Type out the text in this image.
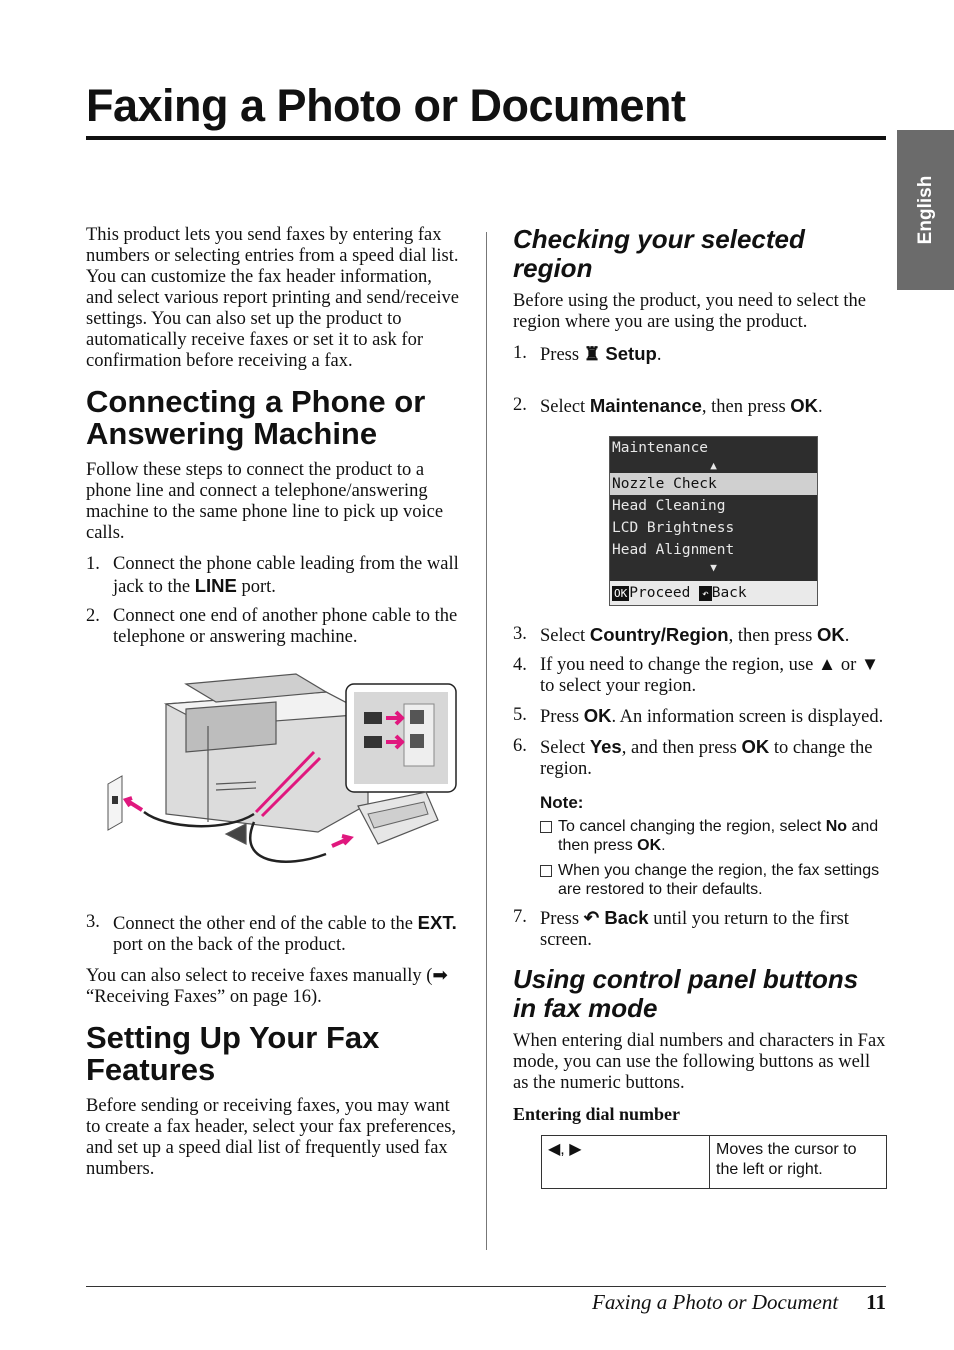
Faxing a Photo or Document
English

This product lets you send faxes by entering fax numbers or selecting entries from a speed dial list. You can customize the fax header information, and select various report printing and send/receive settings. You can also set up the product to automatically receive faxes or set it to ask for confirmation before receiving a fax.

Connecting a Phone or Answering Machine

Follow these steps to connect the product to a phone line and connect a telephone/answering machine to the same phone line to pick up voice calls.

1. Connect the phone cable leading from the wall jack to the LINE port.
2. Connect one end of another phone cable to the telephone or answering machine.
3. Connect the other end of the cable to the EXT. port on the back of the product.

You can also select to receive faxes manually (➡ “Receiving Faxes” on page 16).

Setting Up Your Fax Features

Before sending or receiving faxes, you may want to create a fax header, select your fax preferences, and set up a speed dial list of frequently used fax numbers.

Checking your selected region

Before using the product, you need to select the region where you are using the product.

1. Press ♜ Setup.
2. Select Maintenance, then press OK.
Maintenance
▲
Nozzle Check
Head Cleaning
LCD Brightness
Head Alignment
▼
OK Proceed ↶ Back
3. Select Country/Region, then press OK.
4. If you need to change the region, use ▲ or ▼ to select your region.
5. Press OK. An information screen is displayed.
6. Select Yes, and then press OK to change the region.
Note:
To cancel changing the region, select No and then press OK.
When you change the region, the fax settings are restored to their defaults.
7. Press ↶ Back until you return to the first screen.
Using control panel buttons in fax mode

When entering dial numbers and characters in Fax mode, you can use the following buttons as well as the numeric buttons.

Entering dial number
◀, ▶	Moves the cursor to the left or right.
Faxing a Photo or Document 11
